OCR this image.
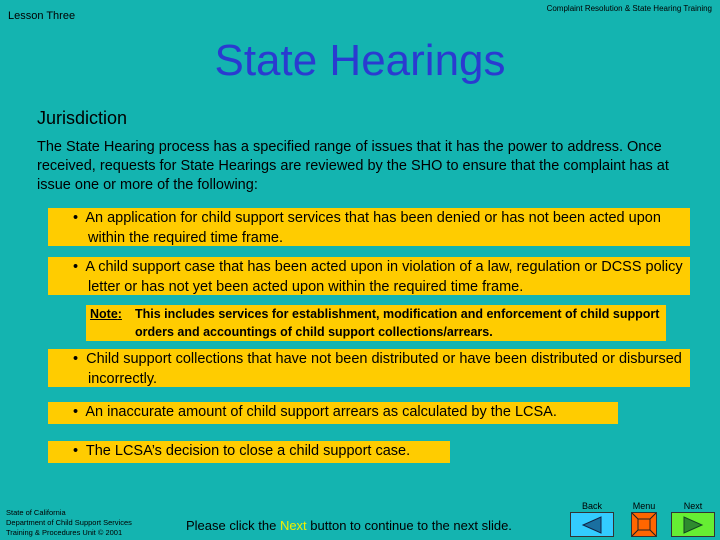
Lesson Three
Complaint Resolution & State Hearing Training
State Hearings
Jurisdiction
The State Hearing process has a specified range of issues that it has the power to address. Once received, requests for State Hearings are reviewed by the SHO to ensure that the complaint has at issue one or more of the following:
•  An application for child support services that has been denied or has not been acted upon within the required time frame.
•  A child support case that has been acted upon in violation of a law, regulation or DCSS policy letter or has not yet been acted upon within the required time frame.
Note: This includes services for establishment, modification and enforcement of child support orders and accountings of child support collections/arrears.
•  Child support collections that have not been distributed or have been distributed or disbursed incorrectly.
•  An inaccurate amount of child support arrears as calculated by the LCSA.
•  The LCSA’s decision to close a child support case.
State of California
Department of Child Support Services
Training & Procedures Unit © 2001	Please click the Next button to continue to the next slide.
Back	Menu	Next
